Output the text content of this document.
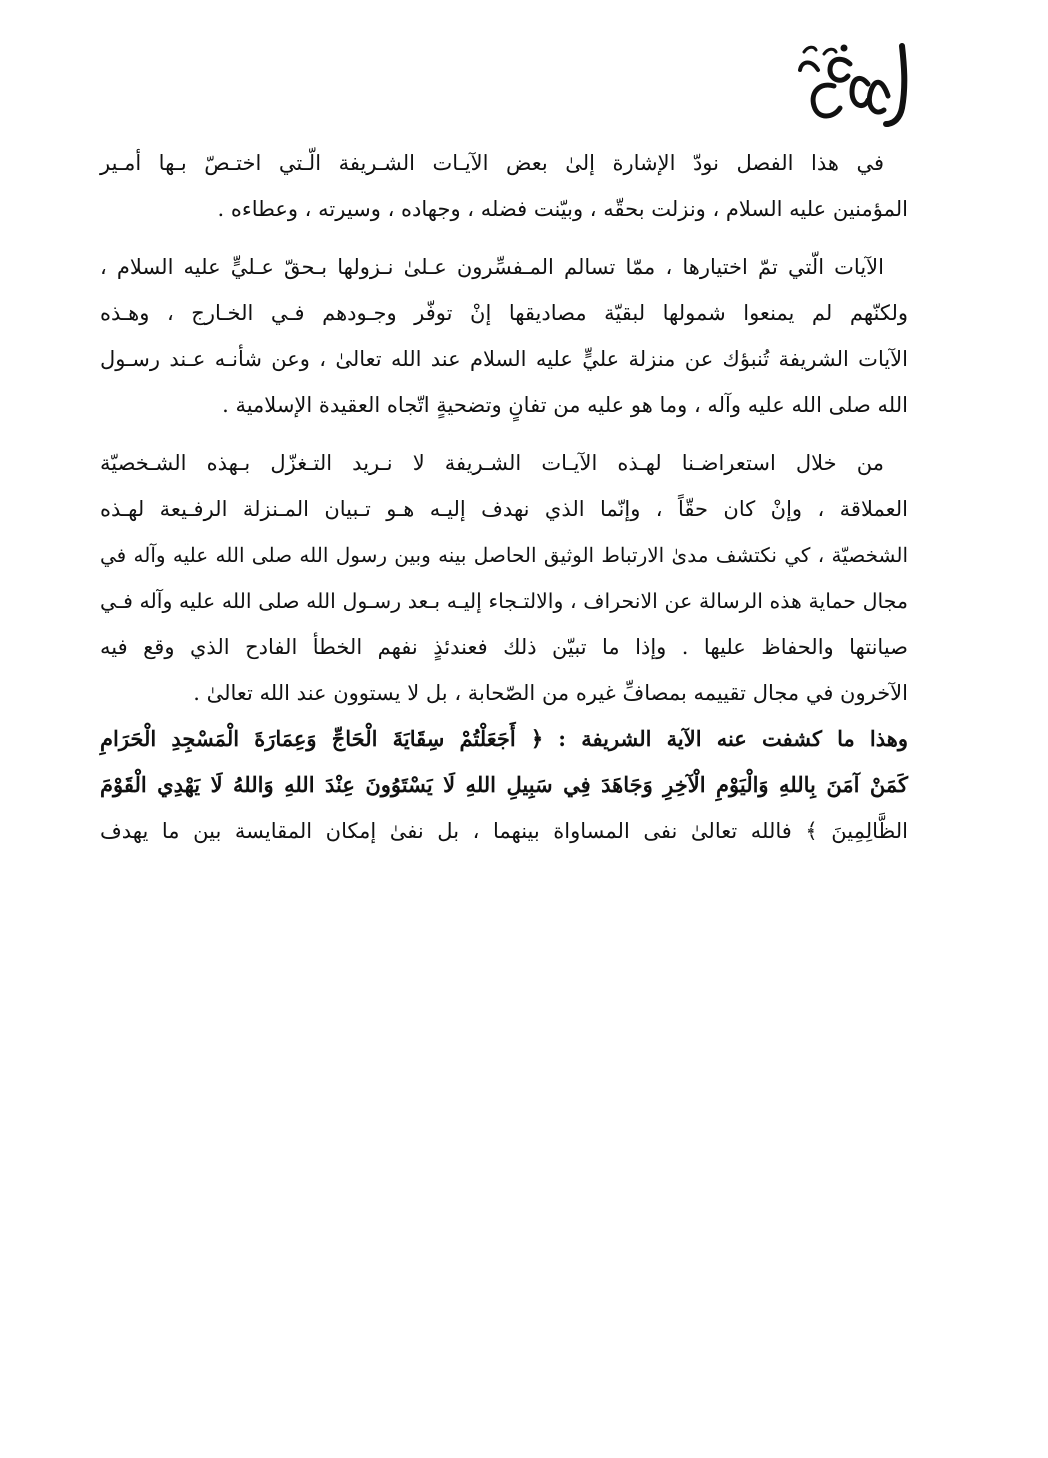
في هذا الفصل نودّ الإشارة إلىٰ بعض الآيـات الشـريفة الّـتي اختـصّ بـها أمـير
المؤمنين عليه السلام ، ونزلت بحقّه ، وبيّنت فضله ، وجهاده ، وسيرته ، وعطاءه .

الآيات الّتي تمّ اختيارها ، ممّا تسالم المـفسِّرون عـلىٰ نـزولها بـحقّ عـليٍّ عليه السلام ،
ولكنّهم لم يمنعوا شمولها لبقيّة مصاديقها إنْ توفّر وجـودهم فـي الخـارج ، وهـذه
الآيات الشريفة تُنبؤك عن منزلة عليٍّ عليه السلام عند الله تعالىٰ ، وعن شأنـه عـند رسـول
الله صلى الله عليه وآله ، وما هو عليه من تفانٍ وتضحيةٍ اتّجاه العقيدة الإسلامية .

من خلال استعراضـنا لهـذه الآيـات الشـريفة لا نـريد التـغزّل بـهذه الشـخصيّة
العملاقة ، وإنْ كان حقّاً ، وإنّما الذي نهدف إليـه هـو تـبيان المـنزلة الرفـيعة لهـذه
الشخصيّة ، كي نكتشف مدىٰ الارتباط الوثيق الحاصل بينه وبين رسول الله صلى الله عليه وآله في
مجال حماية هذه الرسالة عن الانحراف ، والالتـجاء إليـه بـعد رسـول الله صلى الله عليه وآله فـي
صيانتها والحفاظ عليها . وإذا ما تبيّن ذلك فعندئذٍ نفهم الخطأ الفادح الذي وقع فيه
الآخرون في مجال تقييمه بمصافِّ غيره من الصّحابة ، بل لا يستوون عند الله تعالىٰ .
وهذا ما كشفت عنه الآية الشريفة : ﴿ أَجَعَلْتُمْ سِقَايَةَ الْحَاجِّ وَعِمَارَةَ الْمَسْجِدِ الْحَرَامِ
كَمَنْ آمَنَ بِاللهِ وَالْيَوْمِ الْآخِرِ وَجَاهَدَ فِي سَبِيلِ اللهِ لَا يَسْتَوُونَ عِنْدَ اللهِ وَاللهُ لَا يَهْدِي الْقَوْمَ
الظَّالِمِينَ ﴾ فالله تعالىٰ نفى المساواة بينهما ، بل نفىٰ إمكان المقايسة بين ما يهدف
